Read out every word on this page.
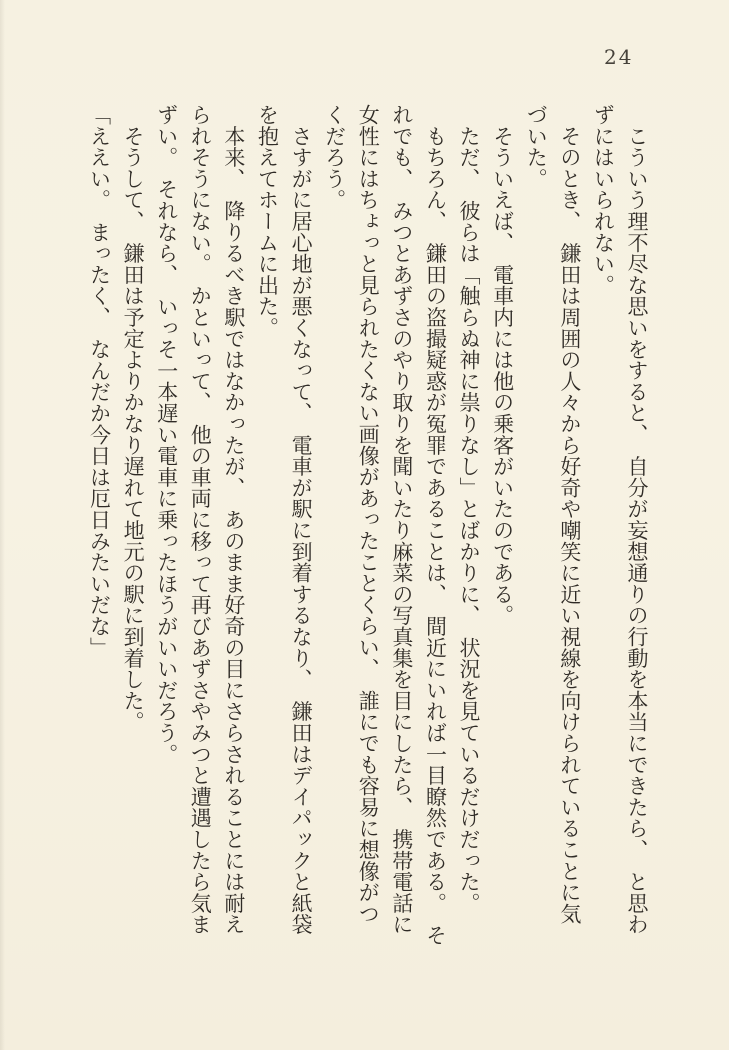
24
　こういう理不尽な思いをすると、　自分が妄想通りの行動を本当にできたら、　と思わ
ずにはいられない。
　そのとき、　鎌田は周囲の人々から好奇や嘲笑に近い視線を向けられていることに気
づいた。
　そういえば、　電車内には他の乗客がいたのである。
　ただ、　彼らは「触らぬ神に祟りなし」とばかりに、　状況を見ているだけだった。
　もちろん、　鎌田の盗撮疑惑が冤罪であることは、　間近にいれば一目瞭然である。　そ
れでも、　みつとあずさのやり取りを聞いたり麻菜の写真集を目にしたら、　携帯電話に
女性にはちょっと見られたくない画像があったことくらい、　誰にでも容易に想像がつ
くだろう。
　さすがに居心地が悪くなって、　電車が駅に到着するなり、　鎌田はデイパックと紙袋
を抱えてホームに出た。
　本来、　降りるべき駅ではなかったが、　あのまま好奇の目にさらされることには耐え
られそうにない。　かといって、　他の車両に移って再びあずさやみつと遭遇したら気ま
ずい。　それなら、　いっそ一本遅い電車に乗ったほうがいいだろう。
　そうして、　鎌田は予定よりかなり遅れて地元の駅に到着した。
「ええい。　まったく、　なんだか今日は厄日みたいだな」
